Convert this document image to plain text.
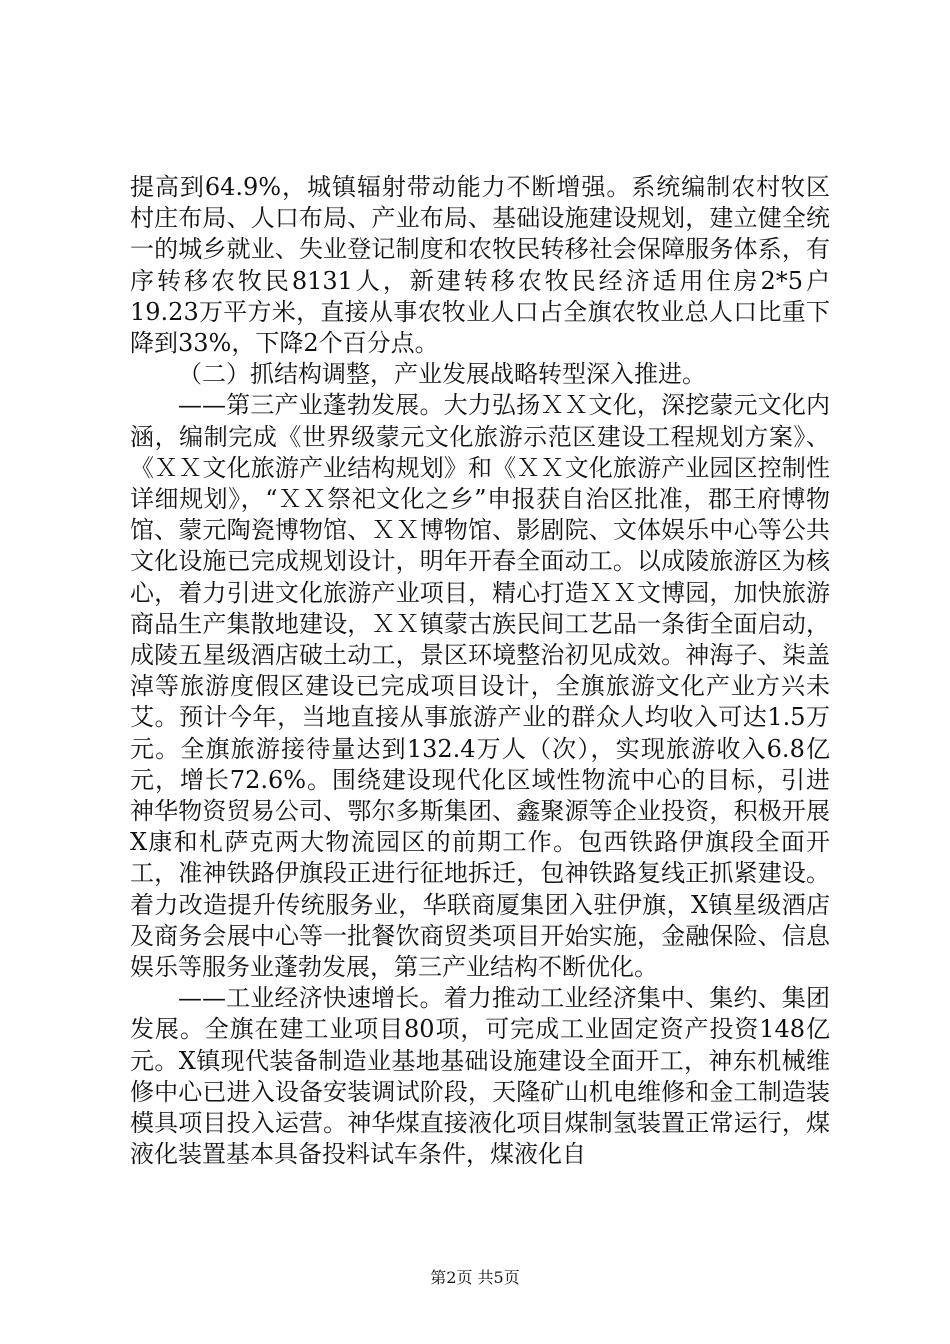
提高到64.9%，城镇辐射带动能力不断增强。系统编制农村牧区村庄布局、人口布局、产业布局、基础设施建设规划，建立健全统一的城乡就业、失业登记制度和农牧民转移社会保障服务体系，有序转移农牧民8131人，新建转移农牧民经济适用住房2*5户19.23万平方米，直接从事农牧业人口占全旗农牧业总人口比重下降到33%，下降2个百分点。

（二）抓结构调整，产业发展战略转型深入推进。

——第三产业蓬勃发展。大力弘扬ＸＸ文化，深挖蒙元文化内涵，编制完成《世界级蒙元文化旅游示范区建设工程规划方案》、《ＸＸ文化旅游产业结构规划》和《ＸＸ文化旅游产业园区控制性详细规划》，“ＸＸ祭祀文化之乡”申报获自治区批准，郡王府博物馆、蒙元陶瓷博物馆、ＸＸ博物馆、影剧院、文体娱乐中心等公共文化设施已完成规划设计，明年开春全面动工。以成陵旅游区为核心，着力引进文化旅游产业项目，精心打造ＸＸ文博园，加快旅游商品生产集散地建设，ＸＸ镇蒙古族民间工艺品一条街全面启动，成陵五星级酒店破土动工，景区环境整治初见成效。神海子、柒盖淖等旅游度假区建设已完成项目设计，全旗旅游文化产业方兴未艾。预计今年，当地直接从事旅游产业的群众人均收入可达1.5万元。全旗旅游接待量达到132.4万人（次），实现旅游收入6.8亿元，增长72.6%。围绕建设现代化区域性物流中心的目标，引进神华物资贸易公司、鄂尔多斯集团、鑫聚源等企业投资，积极开展X康和札萨克两大物流园区的前期工作。包西铁路伊旗段全面开工，准神铁路伊旗段正进行征地拆迁，包神铁路复线正抓紧建设。着力改造提升传统服务业，华联商厦集团入驻伊旗，X镇星级酒店及商务会展中心等一批餐饮商贸类项目开始实施，金融保险、信息娱乐等服务业蓬勃发展，第三产业结构不断优化。

——工业经济快速增长。着力推动工业经济集中、集约、集团发展。全旗在建工业项目80项，可完成工业固定资产投资148亿元。X镇现代装备制造业基地基础设施建设全面开工，神东机械维修中心已进入设备安装调试阶段，天隆矿山机电维修和金工制造装模具项目投入运营。神华煤直接液化项目煤制氢装置正常运行，煤液化装置基本具备投料试车条件，煤液化自

第2页 共5页
